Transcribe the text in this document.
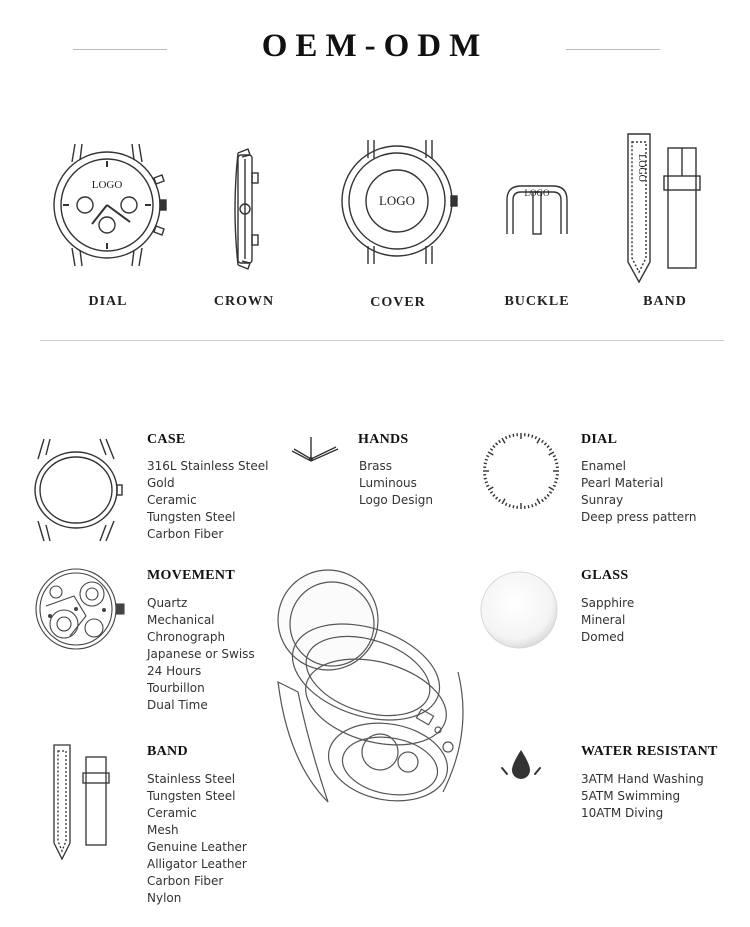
OEM-ODM
LOGO
DIAL	CROWN
LOGO
COVER
LOGO
BUCKLE
LOGO
BAND
CASE
316L Stainless Steel
Gold
Ceramic
Tungsten Steel
Carbon Fiber
HANDS
Brass
Luminous
Logo Design
DIAL
Enamel
Pearl Material
Sunray
Deep press pattern
MOVEMENT
Quartz
Mechanical
Chronograph
Japanese or Swiss
24 Hours
Tourbillon
Dual Time
GLASS
Sapphire
Mineral
Domed
BAND
Stainless Steel
Tungsten Steel
Ceramic
Mesh
Genuine Leather
Alligator Leather
Carbon Fiber
Nylon
WATER RESISTANT
3ATM Hand Washing
5ATM Swimming
10ATM Diving
